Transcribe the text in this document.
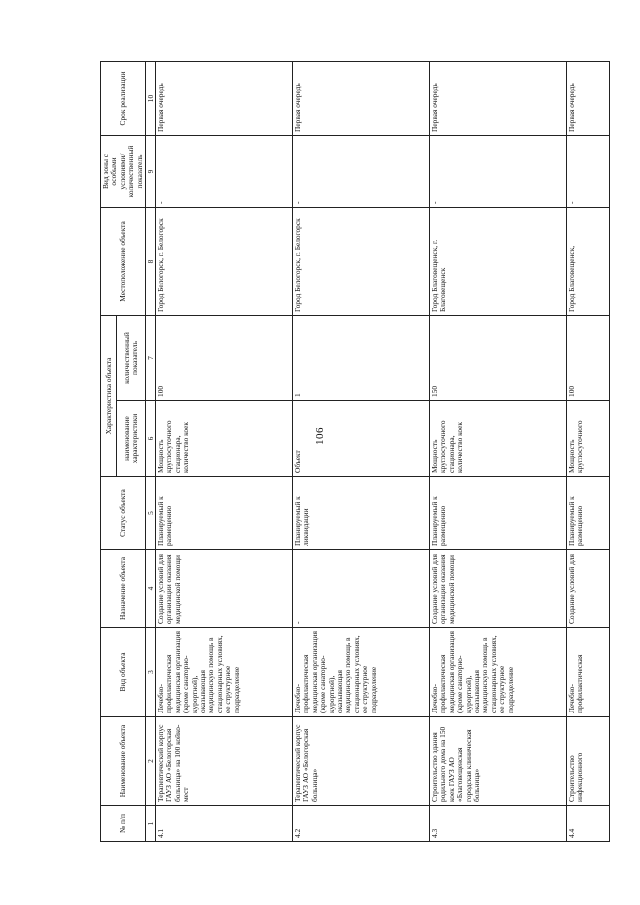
106
№ п/п	Наименование объекта	Вид объекта	Назначение объекта	Статус объекта	Характеристика объекта		Местоположение объекта	Вид зоны с особыми условиями/ количественный показатель	Срок реализации
					наименование характеристики	количественный показатель			
1	2	3	4	5	6	7	8	9	10
4.1	Терапевтический корпус ГАУЗ АО «Белогорская больница» на 100 койко-мест	Лечебно-профилактическая медицинская организация (кроме санаторно-курортной), оказывающая медицинскую помощь в стационарных условиях, ее структурное подразделение	Создание условий для организации оказания медицинской помощи	Планируемый к размещению	Мощность круглосуточного стационара, количество коек	100	Город Белогорск, г. Белогорск	-	Первая очередь
4.2	Терапевтический корпус ГАУЗ АО «Белогорская больница»	Лечебно-профилактическая медицинская организация (кроме санаторно-курортной), оказывающая медицинскую помощь в стационарных условиях, ее структурное подразделение	-	Планируемый к ликвидации	Объект	1	Город Белогорск, г. Белогорск	-	Первая очередь
4.3	Строительство здания родильного дома на 150 коек ГАУЗ АО «Благовещенская городская клиническая больница»	Лечебно-профилактическая медицинская организация (кроме санаторно-курортной), оказывающая медицинскую помощь в стационарных условиях, ее структурное подразделение	Создание условий для организации оказания медицинской помощи	Планируемый к размещению	Мощность круглосуточного стационара, количество коек	150	Город Благовещенск, г. Благовещенск	-	Первая очередь
4.4	Строительство инфекционного	Лечебно-профилактическая	Создание условий для	Планируемый к размещению	Мощность круглосуточного	100	Город Благовещенск,	-	Первая очередь
